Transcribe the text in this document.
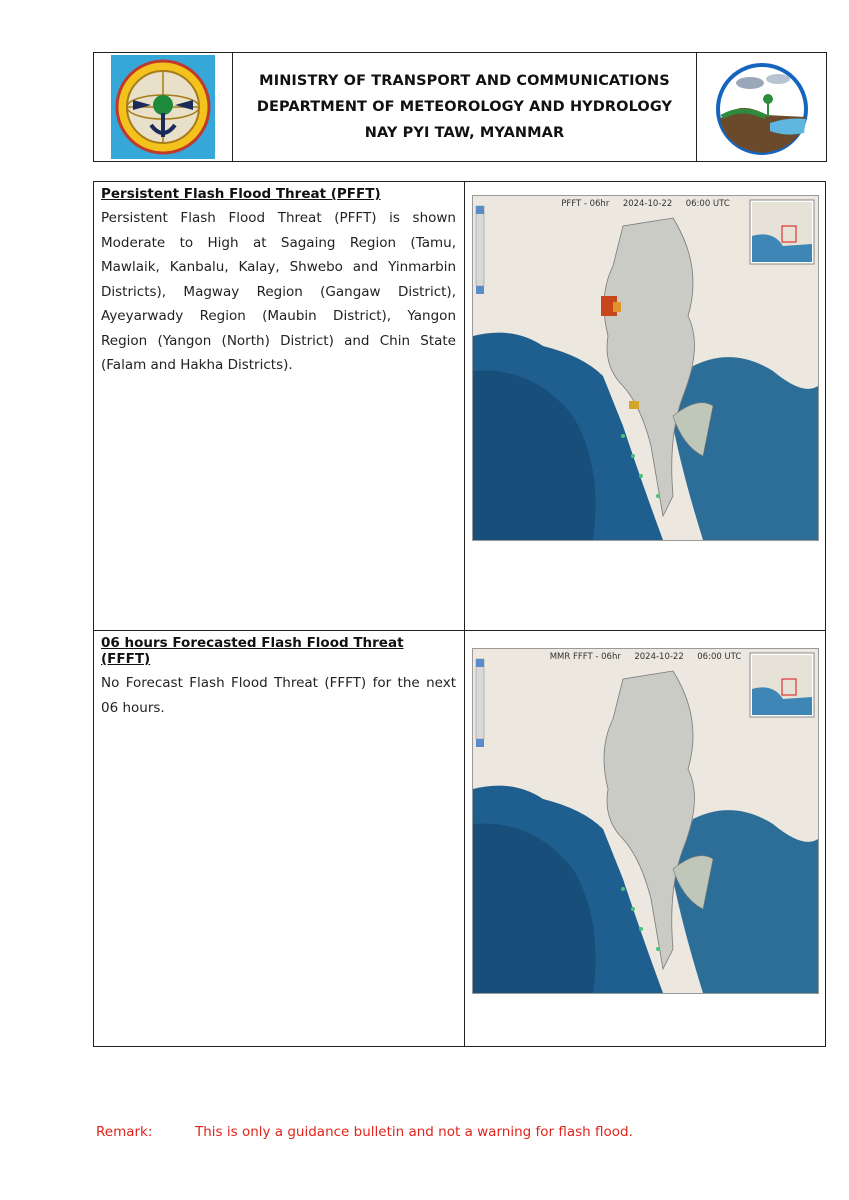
MINISTRY OF TRANSPORT AND COMMUNICATIONS
DEPARTMENT OF METEOROLOGY AND HYDROLOGY
NAY PYI TAW, MYANMAR
Persistent Flash Flood Threat (PFFT)
Persistent Flash Flood Threat (PFFT) is shown Moderate to High at Sagaing Region (Tamu, Mawlaik, Kanbalu, Kalay, Shwebo and Yinmarbin Districts), Magway Region (Gangaw District), Ayeyarwady Region (Maubin District), Yangon Region (Yangon (North) District) and Chin State (Falam and Hakha Districts).
PFFT - 06hr     2024-10-22     06:00 UTC
06 hours Forecasted Flash Flood Threat (FFFT)
No Forecast Flash Flood Threat (FFFT) for the next 06 hours.
MMR FFFT - 06hr     2024-10-22     06:00 UTC
Remark:	This is only a guidance bulletin and not a warning for flash flood.
